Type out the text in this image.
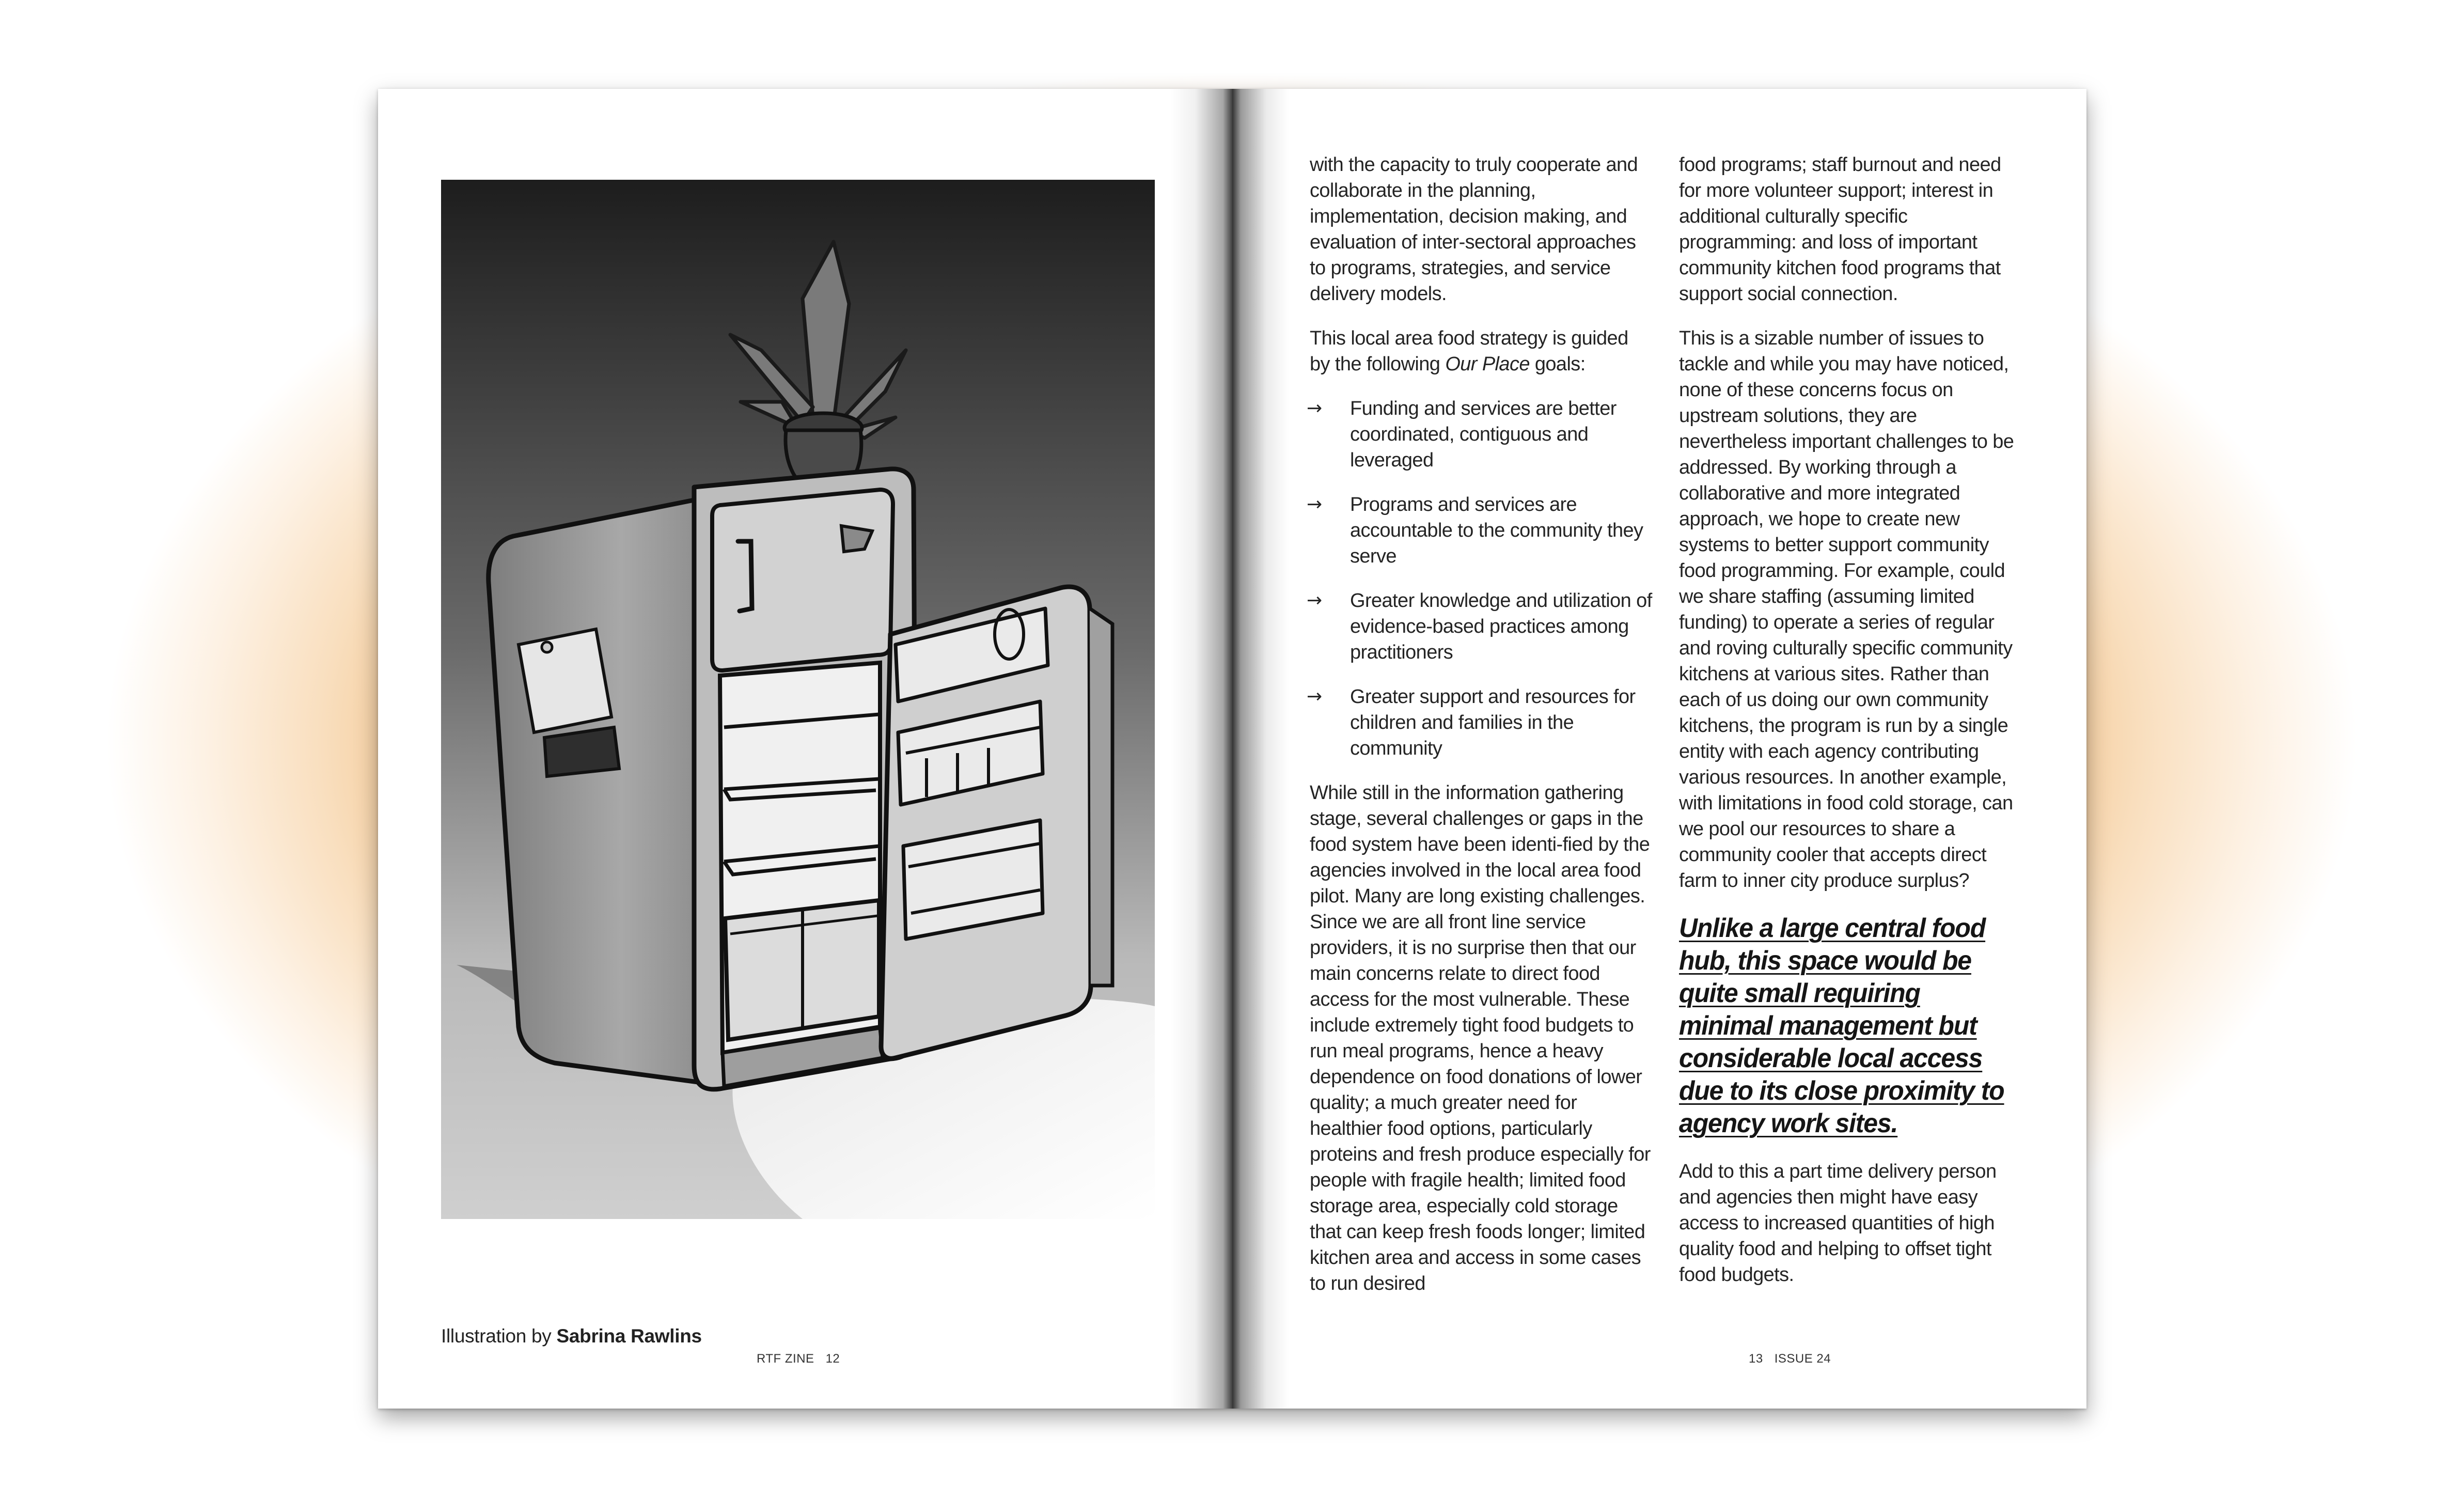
Illustration by Sabrina Rawlins
RTF ZINE 12

with the capacity to truly cooperate and collaborate in the planning, implementation, decision making, and evaluation of inter-sectoral approaches to programs, strategies, and service delivery models.

This local area food strategy is guided by the following Our Place goals:

→ Funding and services are better coordinated, contiguous and leveraged
→ Programs and services are accountable to the community they serve
→ Greater knowledge and utilization of evidence-based practices among practitioners
→ Greater support and resources for children and families in the community

While still in the information gathering stage, several challenges or gaps in the food system have been identi-fied by the agencies involved in the local area food pilot. Many are long existing challenges. Since we are all front line service providers, it is no surprise then that our main concerns relate to direct food access for the most vulnerable. These include extremely tight food budgets to run meal programs, hence a heavy dependence on food donations of lower quality; a much greater need for healthier food options, particularly proteins and fresh produce especially for people with fragile health; limited food storage area, especially cold storage that can keep fresh foods longer; limited kitchen area and access in some cases to run desired

food programs; staff burnout and need for more volunteer support; interest in additional culturally specific programming: and loss of important community kitchen food programs that support social connection.

This is a sizable number of issues to tackle and while you may have noticed, none of these concerns focus on upstream solutions, they are nevertheless important challenges to be addressed. By working through a collaborative and more integrated approach, we hope to create new systems to better support community food programming. For example, could we share staffing (assuming limited funding) to operate a series of regular and roving culturally specific community kitchens at various sites. Rather than each of us doing our own community kitchens, the program is run by a single entity with each agency contributing various resources. In another example, with limitations in food cold storage, can we pool our resources to share a community cooler that accepts direct farm to inner city produce surplus?

Unlike a large central food hub, this space would be quite small requiring minimal management but considerable local access due to its close proximity to agency work sites.

Add to this a part time delivery person and agencies then might have easy access to increased quantities of high quality food and helping to offset tight food budgets.

13 ISSUE 24
